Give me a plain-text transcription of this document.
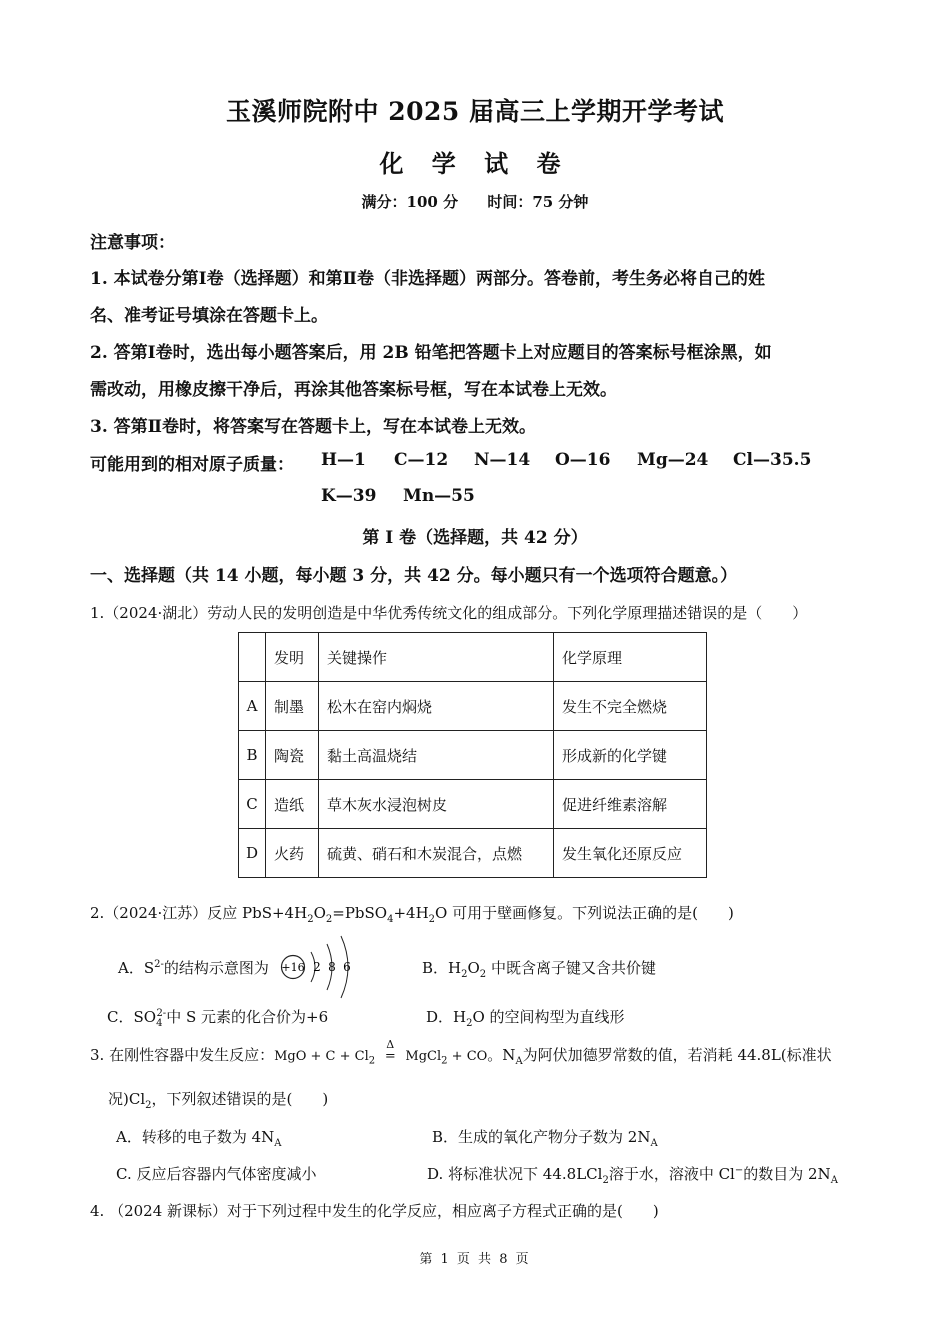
玉溪师院附中 2025 届高三上学期开学考试
化 学 试 卷
满分：100 分 时间：75 分钟
注意事项：
1. 本试卷分第Ⅰ卷（选择题）和第Ⅱ卷（非选择题）两部分。答卷前，考生务必将自己的姓
名、准考证号填涂在答题卡上。
2. 答第Ⅰ卷时，选出每小题答案后，用 2B 铅笔把答题卡上对应题目的答案标号框涂黑，如
需改动，用橡皮擦干净后，再涂其他答案标号框，写在本试卷上无效。
3. 答第Ⅱ卷时，将答案写在答题卡上，写在本试卷上无效。
可能用到的相对原子质量： H—1 C—12 N—14 O—16 Mg—24 Cl—35.5
K—39 Mn—55
第 I 卷（选择题，共 42 分）
一、选择题（共 14 小题，每小题 3 分，共 42 分。每小题只有一个选项符合题意。）
1.（2024·湖北）劳动人民的发明创造是中华优秀传统文化的组成部分。下列化学原理描述错误的是（　　）
	发明	关键操作	化学原理
A	制墨	松木在窑内焖烧	发生不完全燃烧
B	陶瓷	黏土高温烧结	形成新的化学键
C	造纸	草木灰水浸泡树皮	促进纤维素溶解
D	火药	硫黄、硝石和木炭混合，点燃	发生氧化还原反应
2.（2024·江苏）反应 $PbS+4H_2O_2=PbSO_4+4H_2O$ 可用于壁画修复。下列说法正确的是(　　)
A．$S^{2-}$的结构示意图为 +16 2 8 6	B．$H_2O_2$ 中既含离子键又含共价键
C．$SO_4^{2-}$中 S 元素的化合价为+6	D．$H_2O$ 的空间构型为直线形
3. 在刚性容器中发生反应：MgO + $C + Cl_2$
Δ
= MgCl$_2$ + CO。$N_A$为阿伏加德罗常数的值，若消耗 44.8L(标准状
况)$Cl_2$，下列叙述错误的是(　　)
A．转移的电子数为 $4N_A$	B．生成的氧化产物分子数为 $2N_A$
C. 反应后容器内气体密度减小	D. 将标准状况下 44.8LCl$_2$溶于水，溶液中 Cl−的数目为 $2N_A$
4. （2024 新课标）对于下列过程中发生的化学反应，相应离子方程式正确的是(　　)
第 1 页 共 8 页
